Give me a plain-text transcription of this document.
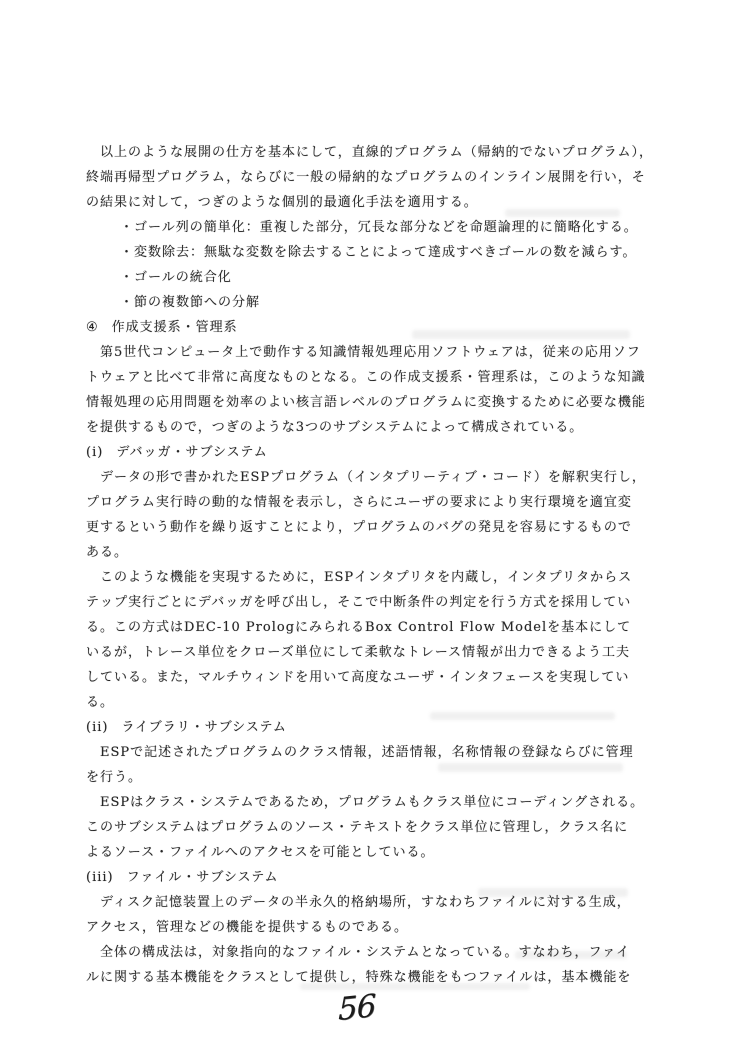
以上のような展開の仕方を基本にして，直線的プログラム（帰納的でないプログラム），
終端再帰型プログラム，ならびに一般の帰納的なプログラムのインライン展開を行い，そ
の結果に対して，つぎのような個別的最適化手法を適用する。
・ゴール列の簡単化：重複した部分，冗長な部分などを命題論理的に簡略化する。
・変数除去：無駄な変数を除去することによって達成すべきゴールの数を減らす。
・ゴールの統合化
・節の複数節への分解
④ 作成支援系・管理系
第5世代コンピュータ上で動作する知識情報処理応用ソフトウェアは，従来の応用ソフ
トウェアと比べて非常に高度なものとなる。この作成支援系・管理系は，このような知識
情報処理の応用問題を効率のよい核言語レベルのプログラムに変換するために必要な機能
を提供するもので，つぎのような3つのサブシステムによって構成されている。
(i) デバッガ・サブシステム
データの形で書かれたESPプログラム（インタプリーティブ・コード）を解釈実行し，
プログラム実行時の動的な情報を表示し，さらにユーザの要求により実行環境を適宜変
更するという動作を繰り返すことにより，プログラムのバグの発見を容易にするもので
ある。
このような機能を実現するために，ESPインタプリタを内蔵し，インタプリタからス
テップ実行ごとにデバッガを呼び出し，そこで中断条件の判定を行う方式を採用してい
る。この方式はDEC-10 PrologにみられるBox Control Flow Modelを基本にして
いるが，トレース単位をクローズ単位にして柔軟なトレース情報が出力できるよう工夫
している。また，マルチウィンドを用いて高度なユーザ・インタフェースを実現してい
る。
(ii) ライブラリ・サブシステム
ESPで記述されたプログラムのクラス情報，述語情報，名称情報の登録ならびに管理
を行う。
ESPはクラス・システムであるため，プログラムもクラス単位にコーディングされる。
このサブシステムはプログラムのソース・テキストをクラス単位に管理し，クラス名に
よるソース・ファイルへのアクセスを可能としている。
(iii) ファイル・サブシステム
ディスク記憶装置上のデータの半永久的格納場所，すなわちファイルに対する生成，
アクセス，管理などの機能を提供するものである。
全体の構成法は，対象指向的なファイル・システムとなっている。すなわち，ファイ
ルに関する基本機能をクラスとして提供し，特殊な機能をもつファイルは，基本機能を
56
